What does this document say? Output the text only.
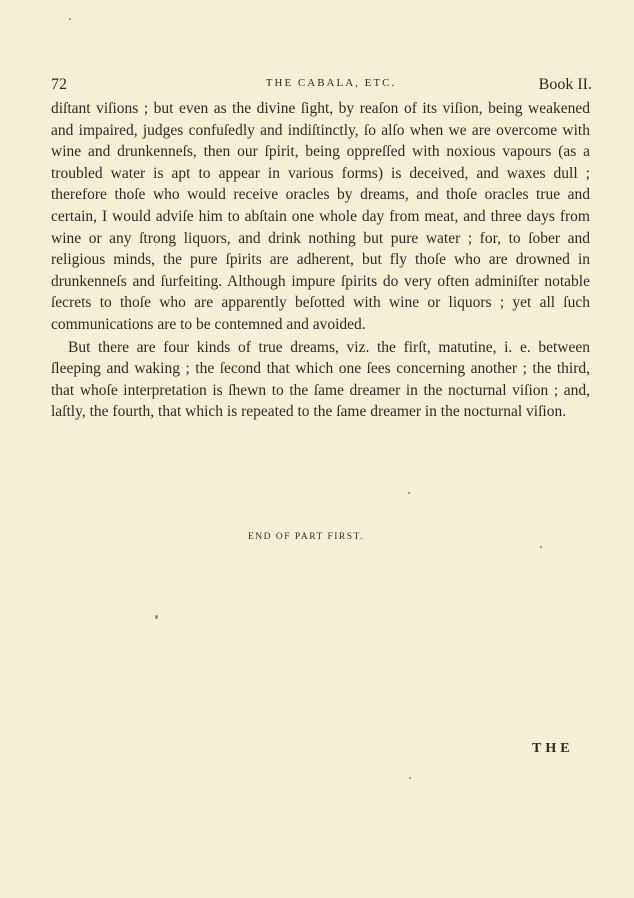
72	THE CABALA, ETC.	Book II.

diſtant viſions ; but even as the divine ſight, by reaſon of its viſion, being weakened and impaired, judges confuſedly and indiſtinctly, ſo alſo when we are overcome with wine and drunkenneſs, then our ſpirit, being oppreſſed with noxious vapours (as a troubled water is apt to appear in various forms) is deceived, and waxes dull ; therefore thoſe who would receive oracles by dreams, and thoſe oracles true and certain, I would adviſe him to abſtain one whole day from meat, and three days from wine or any ſtrong liquors, and drink nothing but pure water ; for, to ſober and religious minds, the pure ſpirits are adherent, but fly thoſe who are drowned in drunkenneſs and ſurfeiting. Although impure ſpirits do very often adminiſter notable ſecrets to thoſe who are apparently beſotted with wine or liquors ; yet all ſuch communications are to be contemned and avoided.

But there are four kinds of true dreams, viz. the firſt, matutine, i. e. between ſleeping and waking ; the ſecond that which one ſees concerning another ; the third, that whoſe interpretation is ſhewn to the ſame dreamer in the nocturnal viſion ; and, laſtly, the fourth, that which is repeated to the ſame dreamer in the nocturnal viſion.

END OF PART FIRST.
THE
